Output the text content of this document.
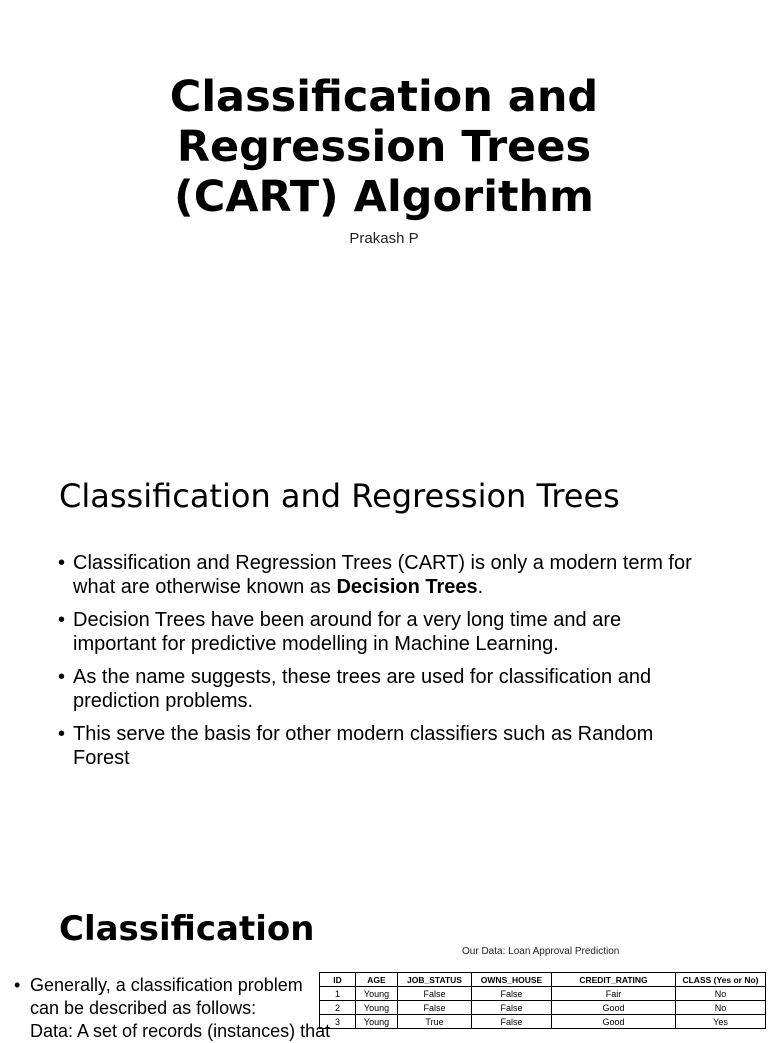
Classification and
Regression Trees
(CART) Algorithm
Prakash P
Classification and Regression Trees
• Classification and Regression Trees (CART) is only a modern term for what are otherwise known as Decision Trees.
• Decision Trees have been around for a very long time and are important for predictive modelling in Machine Learning.
• As the name suggests, these trees are used for classification and prediction problems.
• This serve the basis for other modern classifiers such as Random Forest
Classification
• Generally, a classification problem
can be described as follows:
Data: A set of records (instances) that
Our Data: Loan Approval Prediction
ID	AGE	JOB_STATUS	OWNS_HOUSE	CREDIT_RATING	CLASS (Yes or No)
1	Young	False	False	Fair	No
2	Young	False	False	Good	No
3	Young	True	False	Good	Yes
